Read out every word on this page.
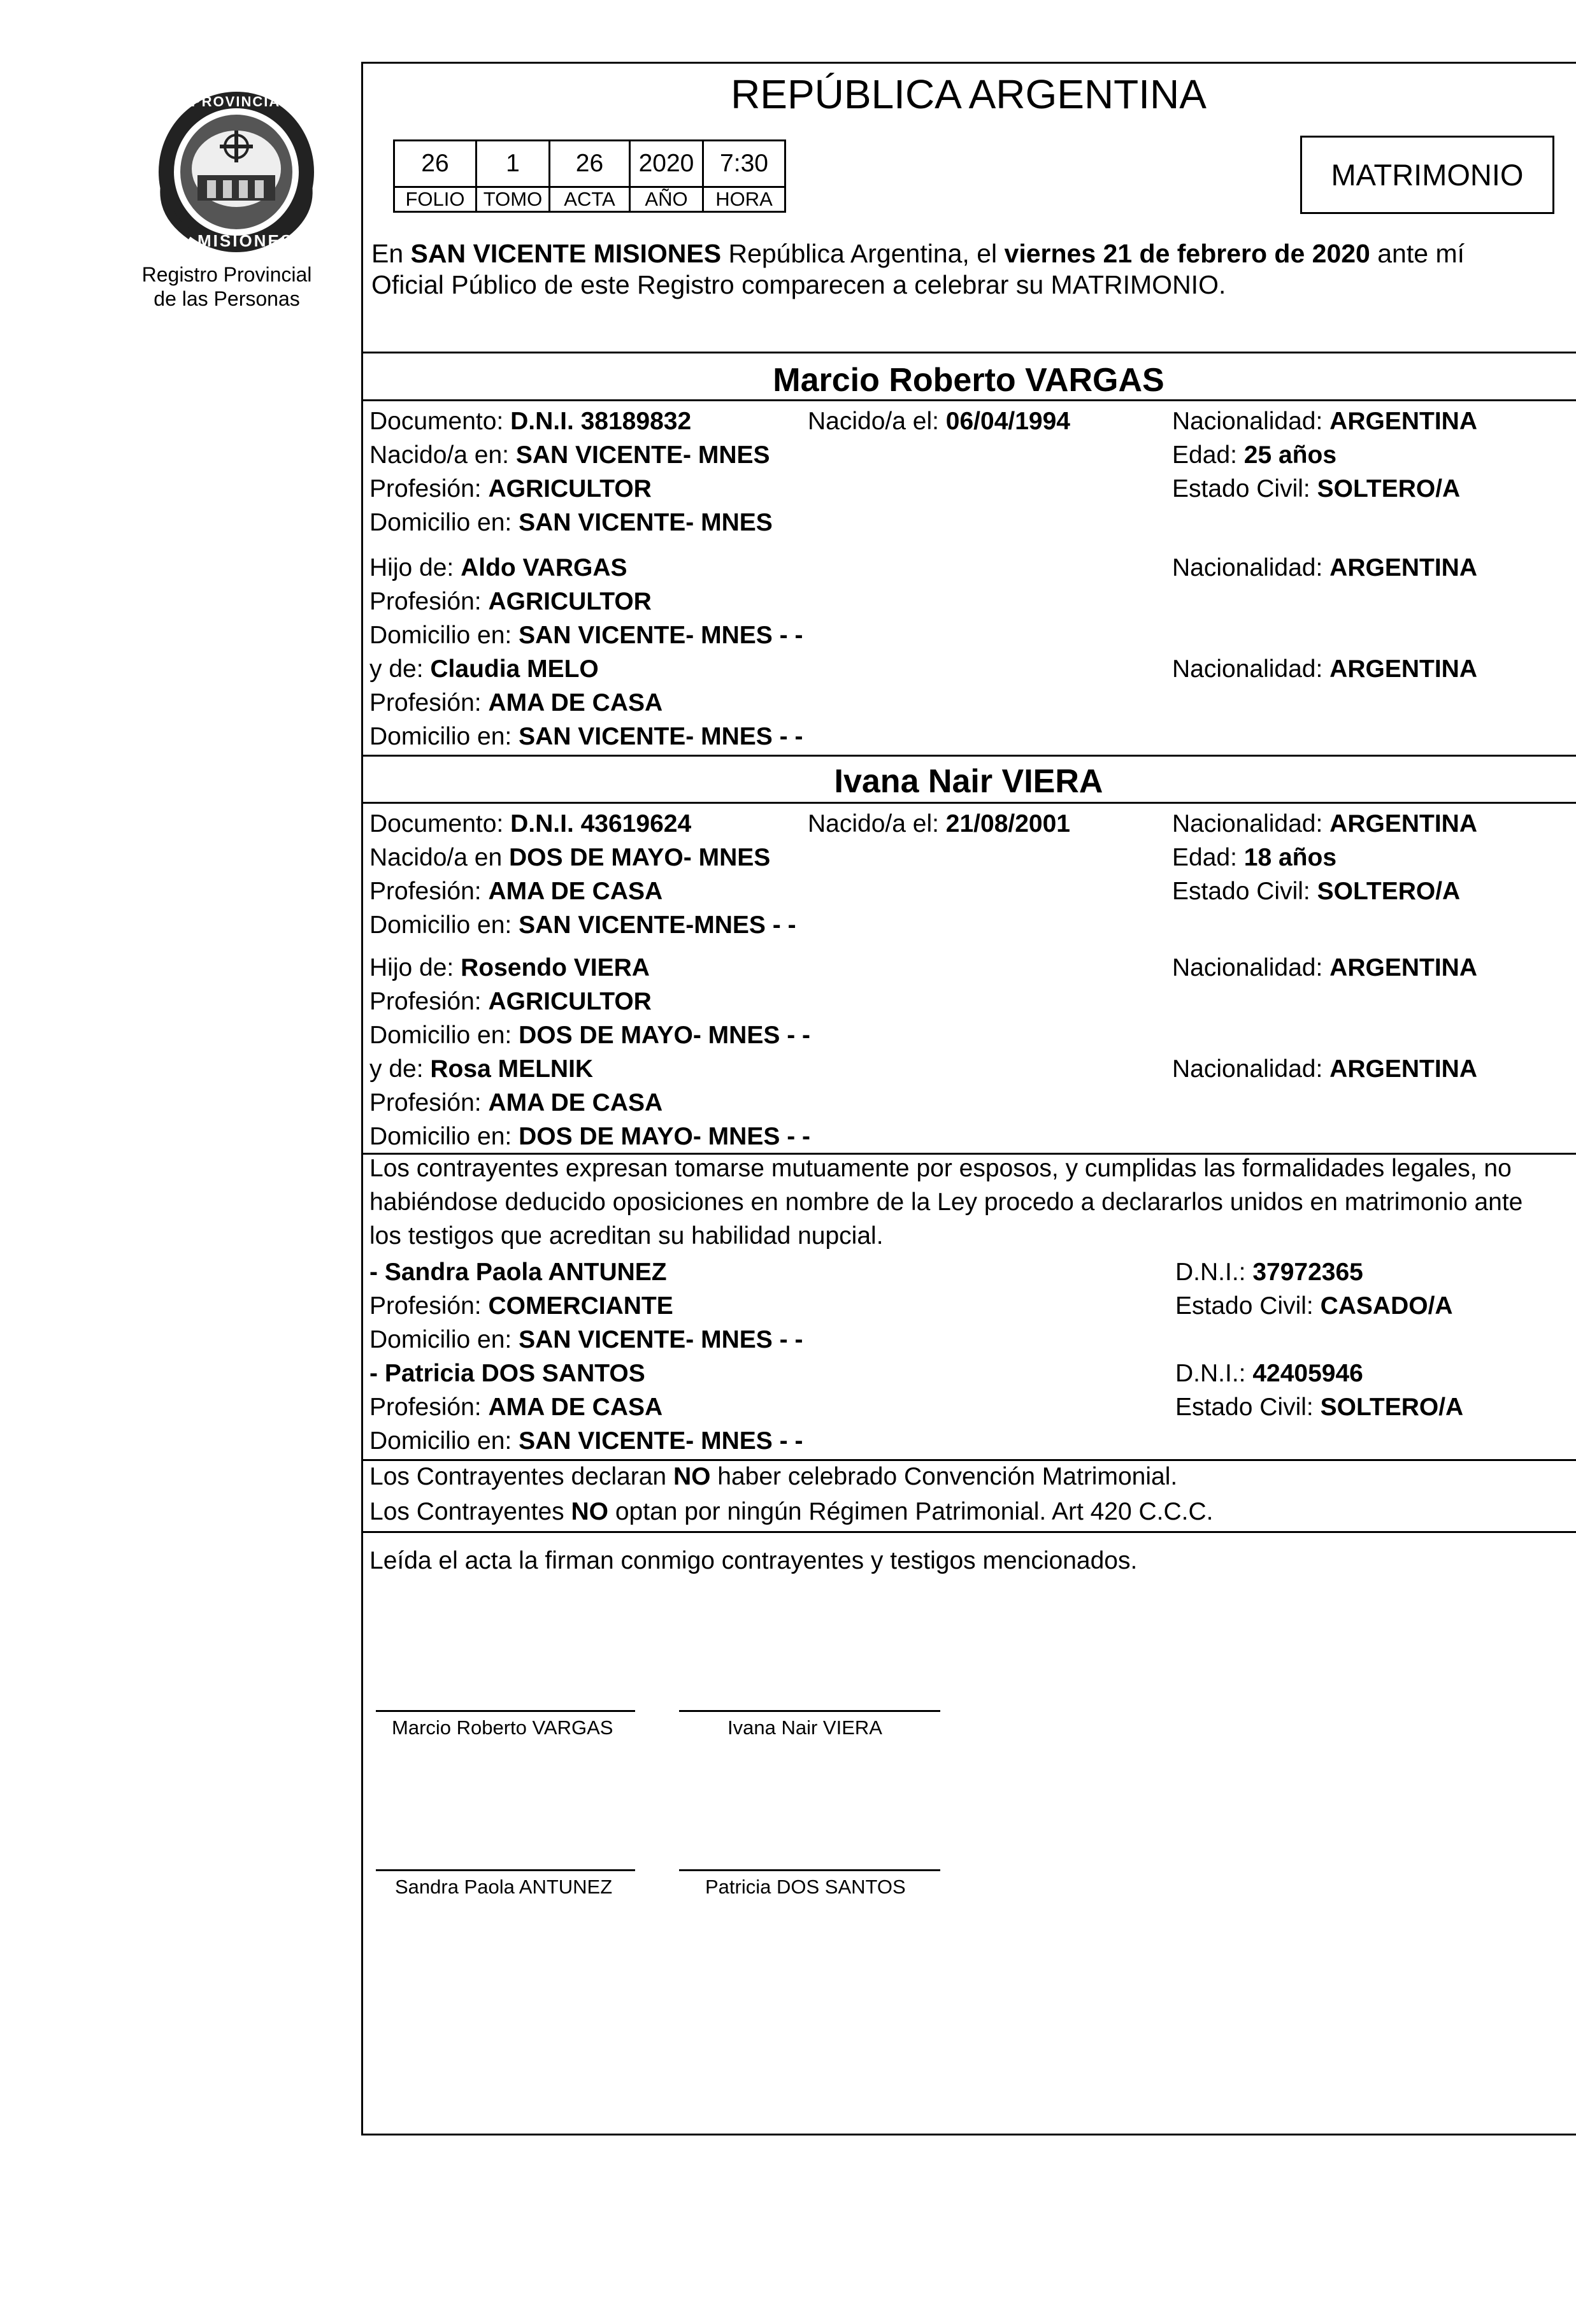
PROVINCIA DE
MISIONES
Registro Provincial
de las Personas
REPÚBLICA ARGENTINA
26	1	26	2020	7:30
FOLIO	TOMO	ACTA	AÑO	HORA
MATRIMONIO
En SAN VICENTE MISIONES República Argentina, el viernes 21 de febrero de 2020 ante mí
Oficial Público de este Registro comparecen a celebrar su MATRIMONIO.
Marcio Roberto VARGAS
Documento: D.N.I. 38189832	Nacido/a el: 06/04/1994	Nacionalidad: ARGENTINA
Nacido/a en: SAN VICENTE- MNES	Edad: 25 años
Profesión: AGRICULTOR	Estado Civil: SOLTERO/A
Domicilio en: SAN VICENTE- MNES
Hijo de: Aldo VARGAS	Nacionalidad: ARGENTINA
Profesión: AGRICULTOR
Domicilio en: SAN VICENTE- MNES - -
y de: Claudia MELO	Nacionalidad: ARGENTINA
Profesión: AMA DE CASA
Domicilio en: SAN VICENTE- MNES - -
Ivana Nair VIERA
Documento: D.N.I. 43619624	Nacido/a el: 21/08/2001	Nacionalidad: ARGENTINA
Nacido/a en DOS DE MAYO- MNES	Edad: 18 años
Profesión: AMA DE CASA	Estado Civil: SOLTERO/A
Domicilio en: SAN VICENTE-MNES - -
Hijo de: Rosendo VIERA	Nacionalidad: ARGENTINA
Profesión: AGRICULTOR
Domicilio en: DOS DE MAYO- MNES - -
y de: Rosa MELNIK	Nacionalidad: ARGENTINA
Profesión: AMA DE CASA
Domicilio en: DOS DE MAYO- MNES - -
Los contrayentes expresan tomarse mutuamente por esposos, y cumplidas las formalidades legales, no
habiéndose deducido oposiciones en nombre de la Ley procedo a declararlos unidos en matrimonio ante
los testigos que acreditan su habilidad nupcial.
- Sandra Paola ANTUNEZ	D.N.I.: 37972365
Profesión: COMERCIANTE	Estado Civil: CASADO/A
Domicilio en: SAN VICENTE- MNES - -
- Patricia DOS SANTOS	D.N.I.: 42405946
Profesión: AMA DE CASA	Estado Civil: SOLTERO/A
Domicilio en: SAN VICENTE- MNES - -
Los Contrayentes declaran NO haber celebrado Convención Matrimonial.
Los Contrayentes NO optan por ningún Régimen Patrimonial. Art 420 C.C.C.
Leída el acta la firman conmigo contrayentes y testigos mencionados.
Marcio Roberto VARGAS	Ivana Nair VIERA
Sandra Paola ANTUNEZ	Patricia DOS SANTOS
